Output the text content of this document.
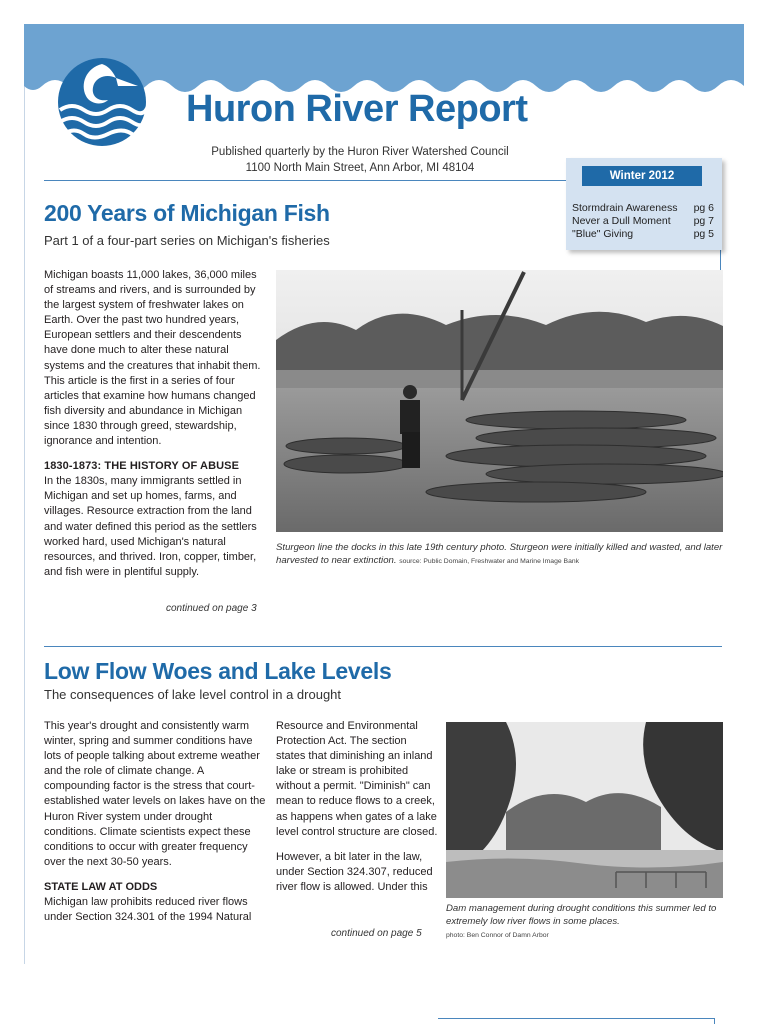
Huron River Report
Published quarterly by the Huron River Watershed Council
1100 North Main Street, Ann Arbor, MI 48104
Winter 2012
Stormdrain Awareness pg 6
Never a Dull Moment pg 7
"Blue" Giving	pg 5
200 Years of Michigan Fish
Part 1 of a four-part series on Michigan's fisheries

Michigan boasts 11,000 lakes, 36,000 miles of streams and rivers, and is surrounded by the largest system of freshwater lakes on Earth. Over the past two hundred years, European settlers and their descendents have done much to alter these natural systems and the creatures that inhabit them. This article is the first in a series of four articles that examine how humans changed fish diversity and abundance in Michigan since 1830 through greed, stewardship, ignorance and intention.

1830-1873: THE HISTORY OF ABUSE

In the 1830s, many immigrants settled in Michigan and set up homes, farms, and villages. Resource extraction from the land and water defined this period as the settlers worked hard, used Michigan's natural resources, and thrived. Iron, copper, timber, and fish were in plentiful supply.

continued on page 3
Sturgeon line the docks in this late 19th century photo. Sturgeon were initially killed and wasted, and later harvested to near extinction. source: Public Domain, Freshwater and Marine Image Bank
Low Flow Woes and Lake Levels
The consequences of lake level control in a drought

This year's drought and consistently warm winter, spring and summer conditions have lots of people talking about extreme weather and the role of climate change. A compounding factor is the stress that court-established water levels on lakes have on the Huron River system under drought conditions. Climate scientists expect these conditions to occur with greater frequency over the next 30-50 years.

STATE LAW AT ODDS

Michigan law prohibits reduced river flows under Section 324.301 of the 1994 Natural

Resource and Environmental Protection Act. The section states that diminishing an inland lake or stream is prohibited without a permit. "Diminish" can mean to reduce flows to a creek, as happens when gates of a lake level control structure are closed.

However, a bit later in the law, under Section 324.307, reduced river flow is allowed. Under this

continued on page 5
Dam management during drought conditions this summer led to extremely low river flows in some places.
photo: Ben Connor of Damn Arbor
